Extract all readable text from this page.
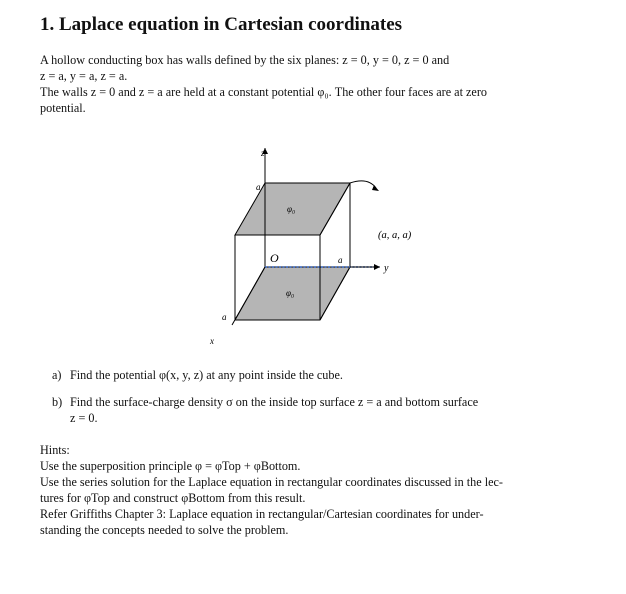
1. Laplace equation in Cartesian coordinates

A hollow conducting box has walls defined by the six planes: z = 0, y = 0, z = 0 and

z = a, y = a, z = a.

The walls z = 0 and z = a are held at a constant potential φ₀. The other four faces are at zero

potential.

z
a
φ₀
(a, a, a)
O	a
y
φ₀
a
x
a) Find the potential φ(x, y, z) at any point inside the cube.
b) Find the surface-charge density σ on the inside top surface z = a and bottom surface
z = 0.

Hints:

Use the superposition principle φ = φTop + φBottom.

Use the series solution for the Laplace equation in rectangular coordinates discussed in the lec-

tures for φTop and construct φBottom from this result.

Refer Griffiths Chapter 3: Laplace equation in rectangular/Cartesian coordinates for under-

standing the concepts needed to solve the problem.
